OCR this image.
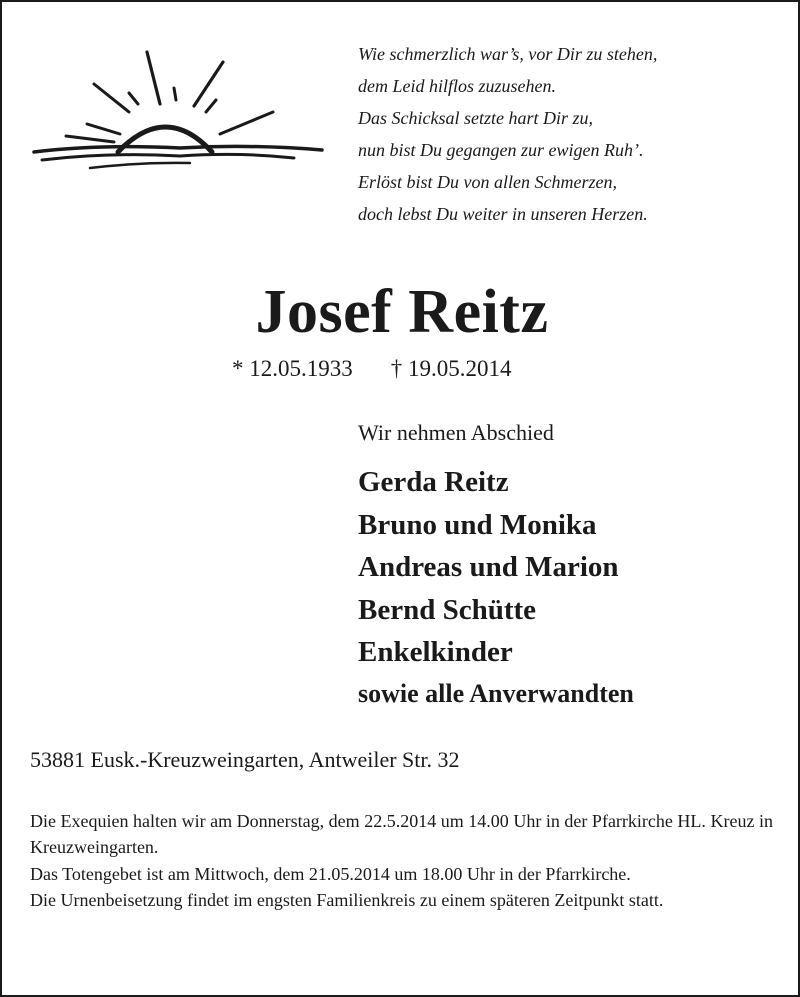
Wie schmerzlich war’s, vor Dir zu stehen,
dem Leid hilflos zuzusehen.
Das Schicksal setzte hart Dir zu,
nun bist Du gegangen zur ewigen Ruh’.
Erlöst bist Du von allen Schmerzen,
doch lebst Du weiter in unseren Herzen.
Josef Reitz
* 12.05.1933 † 19.05.2014
Wir nehmen Abschied
Gerda Reitz
Bruno und Monika
Andreas und Marion
Bernd Schütte
Enkelkinder
sowie alle Anverwandten
53881 Eusk.-Kreuzweingarten, Antweiler Str. 32

Die Exequien halten wir am Donnerstag, dem 22.5.2014 um 14.00 Uhr in der Pfarrkirche HL. Kreuz in Kreuzweingarten.

Das Totengebet ist am Mittwoch, dem 21.05.2014 um 18.00 Uhr in der Pfarrkirche.

Die Urnenbeisetzung findet im engsten Familienkreis zu einem späteren Zeitpunkt statt.
